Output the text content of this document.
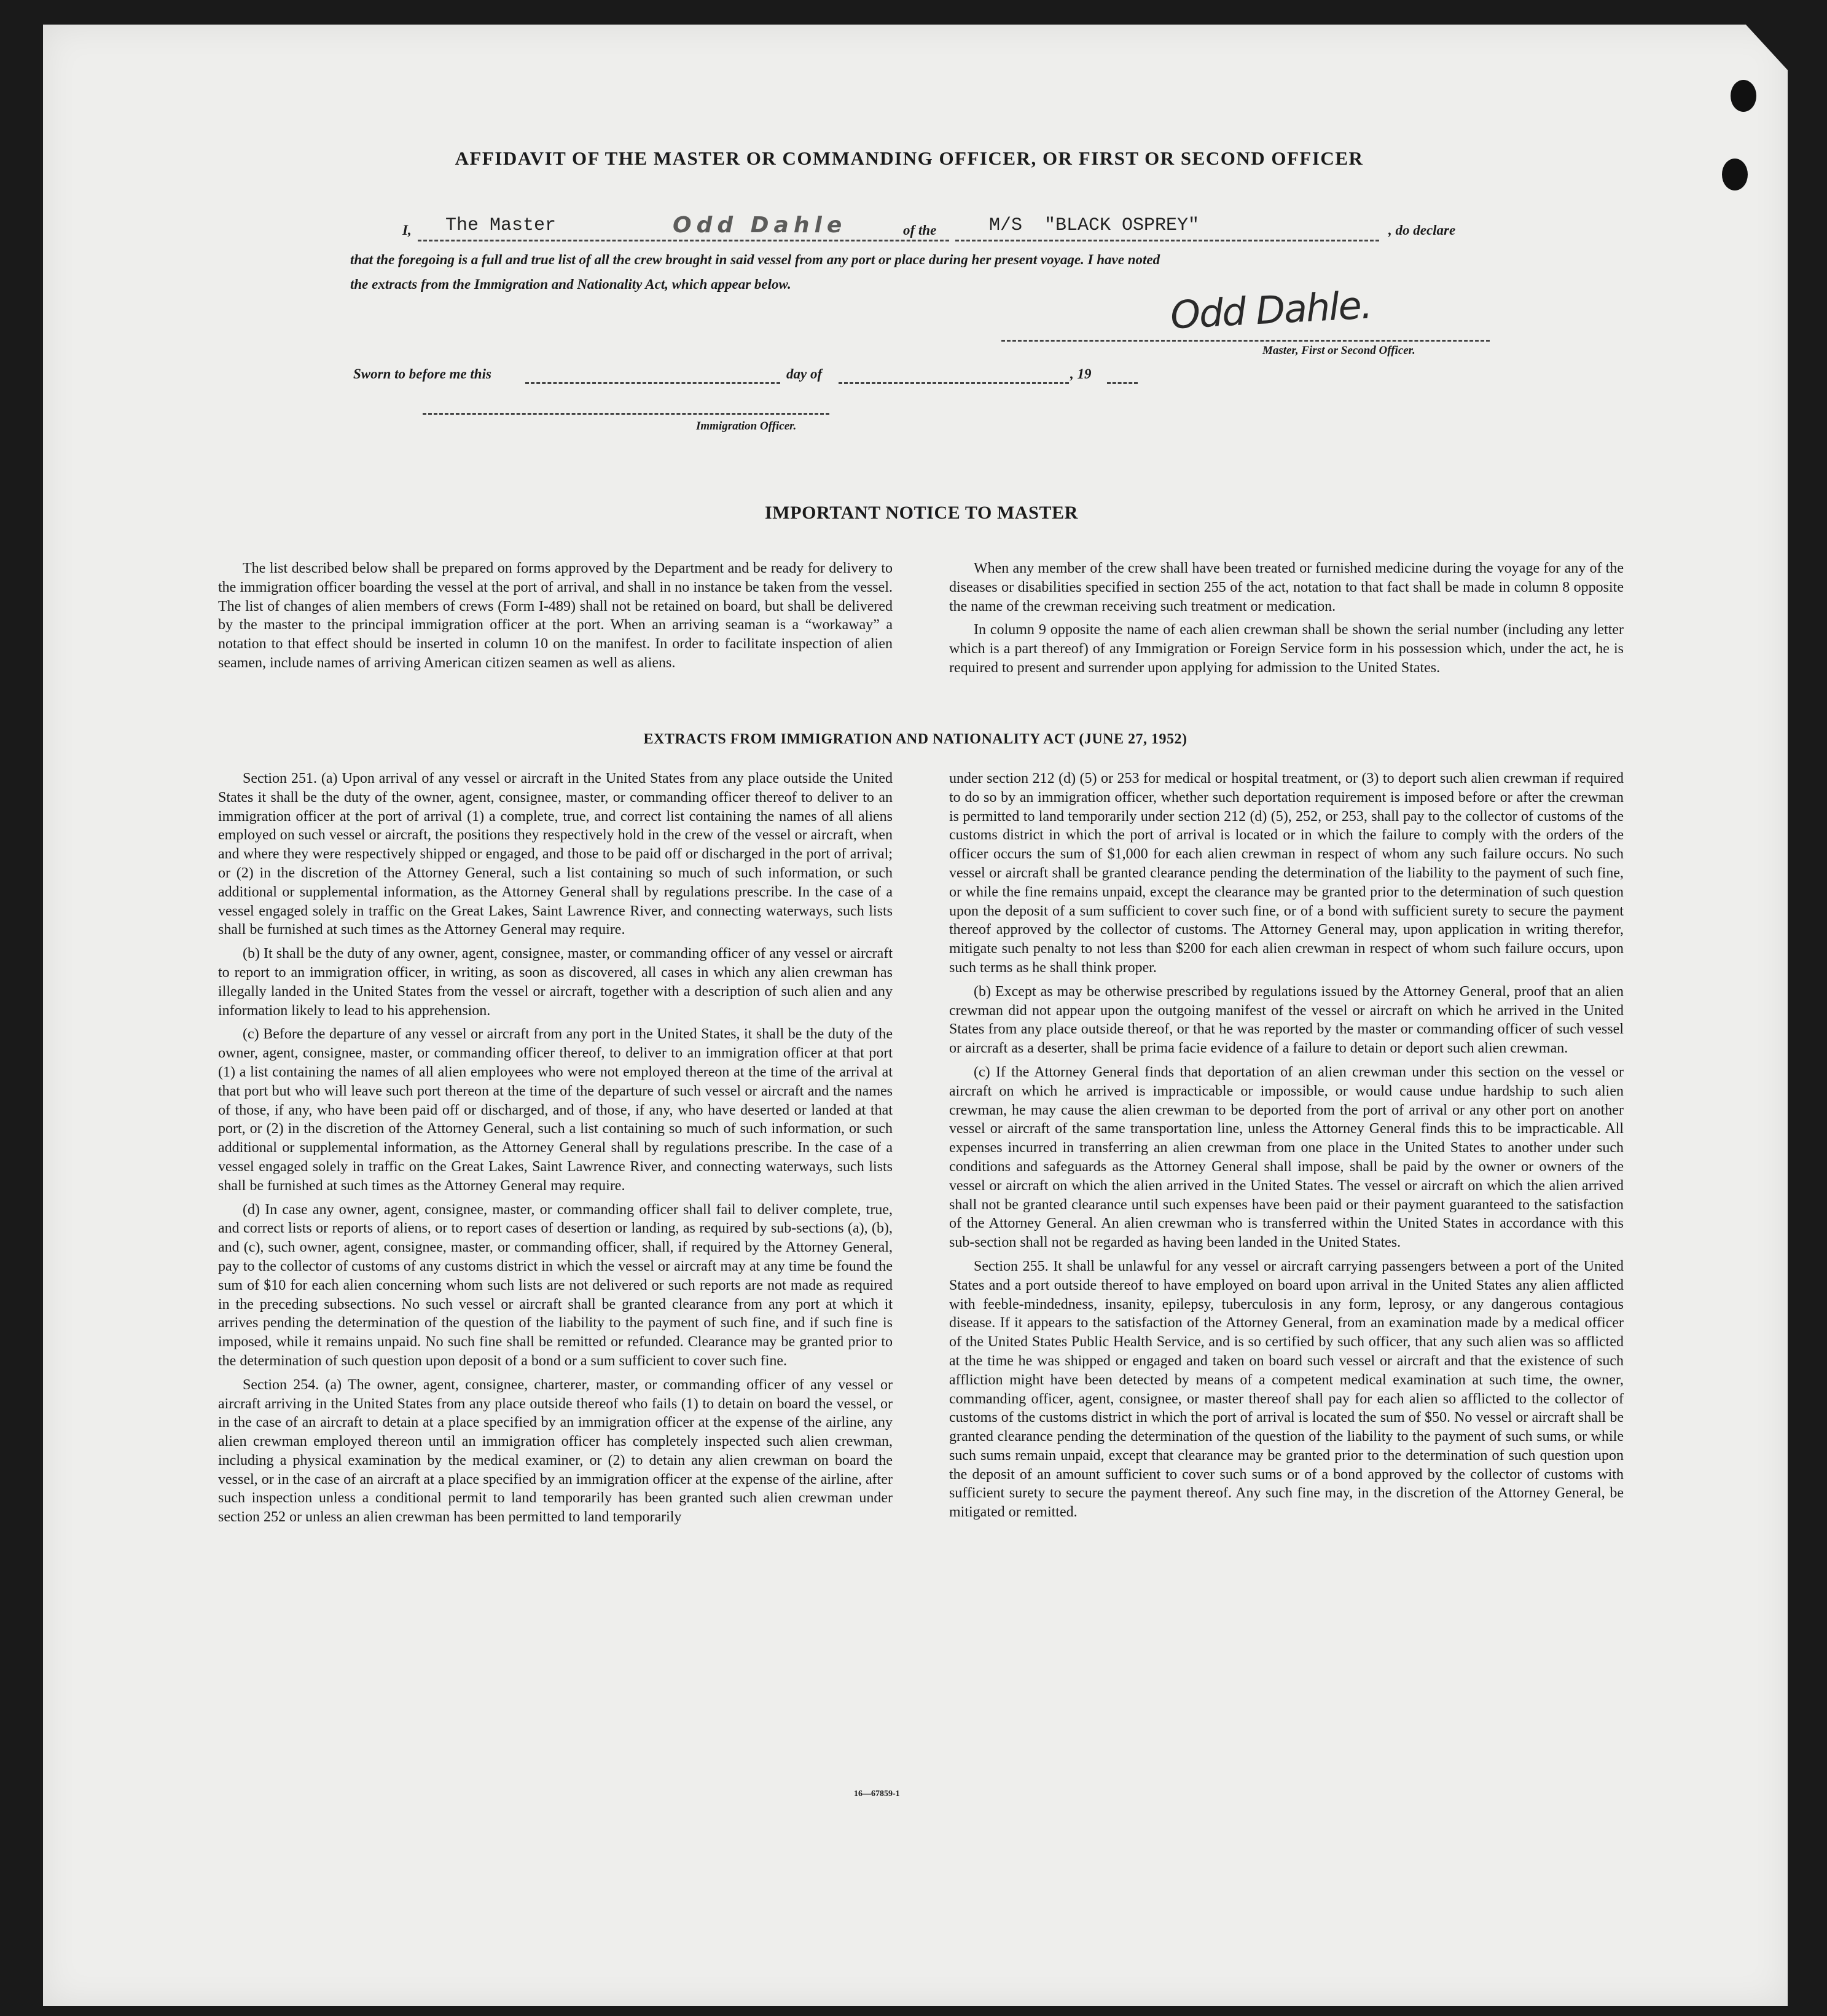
AFFIDAVIT OF THE MASTER OR COMMANDING OFFICER, OR FIRST OR SECOND OFFICER
I, The Master	Odd Dahle	of the	M/S  "BLACK OSPREY"	, do declare
that the foregoing is a full and true list of all the crew brought in said vessel from any port or place during her present voyage. I have noted
the extracts from the Immigration and Nationality Act, which appear below.	Odd Dahle.
Master, First or Second Officer.
Sworn to before me this	day of	, 19
Immigration Officer.
IMPORTANT NOTICE TO MASTER

The list described below shall be prepared on forms approved by the Department and be ready for delivery to the immigration officer boarding the vessel at the port of arrival, and shall in no instance be taken from the vessel. The list of changes of alien members of crews (Form I-489) shall not be retained on board, but shall be delivered by the master to the principal immigration officer at the port. When an arriving seaman is a “workaway” a notation to that effect should be inserted in column 10 on the manifest. In order to facilitate inspection of alien seamen, include names of arriving American citizen seamen as well as aliens.

When any member of the crew shall have been treated or furnished medicine during the voyage for any of the diseases or disabilities specified in section 255 of the act, notation to that fact shall be made in column 8 opposite the name of the crewman receiving such treatment or medication.

In column 9 opposite the name of each alien crewman shall be shown the serial number (including any letter which is a part thereof) of any Immigration or Foreign Service form in his possession which, under the act, he is required to present and surrender upon applying for admission to the United States.

EXTRACTS FROM IMMIGRATION AND NATIONALITY ACT (JUNE 27, 1952)

Section 251. (a) Upon arrival of any vessel or aircraft in the United States from any place outside the United States it shall be the duty of the owner, agent, consignee, master, or commanding officer thereof to deliver to an immigration officer at the port of arrival (1) a complete, true, and correct list containing the names of all aliens employed on such vessel or aircraft, the positions they respectively hold in the crew of the vessel or aircraft, when and where they were respectively shipped or engaged, and those to be paid off or discharged in the port of arrival; or (2) in the discretion of the Attorney General, such a list containing so much of such information, or such additional or supplemental information, as the Attorney General shall by regulations prescribe. In the case of a vessel engaged solely in traffic on the Great Lakes, Saint Lawrence River, and connecting waterways, such lists shall be furnished at such times as the Attorney General may require.

(b) It shall be the duty of any owner, agent, consignee, master, or commanding officer of any vessel or aircraft to report to an immigration officer, in writing, as soon as discovered, all cases in which any alien crewman has illegally landed in the United States from the vessel or aircraft, together with a description of such alien and any information likely to lead to his apprehension.

(c) Before the departure of any vessel or aircraft from any port in the United States, it shall be the duty of the owner, agent, consignee, master, or commanding officer thereof, to deliver to an immigration officer at that port (1) a list containing the names of all alien employees who were not employed thereon at the time of the arrival at that port but who will leave such port thereon at the time of the departure of such vessel or aircraft and the names of those, if any, who have been paid off or discharged, and of those, if any, who have deserted or landed at that port, or (2) in the discretion of the Attorney General, such a list containing so much of such information, or such additional or supplemental information, as the Attorney General shall by regulations prescribe. In the case of a vessel engaged solely in traffic on the Great Lakes, Saint Lawrence River, and connecting waterways, such lists shall be furnished at such times as the Attorney General may require.

(d) In case any owner, agent, consignee, master, or commanding officer shall fail to deliver complete, true, and correct lists or reports of aliens, or to report cases of desertion or landing, as required by sub-sections (a), (b), and (c), such owner, agent, consignee, master, or commanding officer, shall, if required by the Attorney General, pay to the collector of customs of any customs district in which the vessel or aircraft may at any time be found the sum of $10 for each alien concerning whom such lists are not delivered or such reports are not made as required in the preceding subsections. No such vessel or aircraft shall be granted clearance from any port at which it arrives pending the determination of the question of the liability to the payment of such fine, and if such fine is imposed, while it remains unpaid. No such fine shall be remitted or refunded. Clearance may be granted prior to the determination of such question upon deposit of a bond or a sum sufficient to cover such fine.

Section 254. (a) The owner, agent, consignee, charterer, master, or commanding officer of any vessel or aircraft arriving in the United States from any place outside thereof who fails (1) to detain on board the vessel, or in the case of an aircraft to detain at a place specified by an immigration officer at the expense of the airline, any alien crewman employed thereon until an immigration officer has completely inspected such alien crewman, including a physical examination by the medical examiner, or (2) to detain any alien crewman on board the vessel, or in the case of an aircraft at a place specified by an immigration officer at the expense of the airline, after such inspection unless a conditional permit to land temporarily has been granted such alien crewman under section 252 or unless an alien crewman has been permitted to land temporarily

under section 212 (d) (5) or 253 for medical or hospital treatment, or (3) to deport such alien crewman if required to do so by an immigration officer, whether such deportation requirement is imposed before or after the crewman is permitted to land temporarily under section 212 (d) (5), 252, or 253, shall pay to the collector of customs of the customs district in which the port of arrival is located or in which the failure to comply with the orders of the officer occurs the sum of $1,000 for each alien crewman in respect of whom any such failure occurs. No such vessel or aircraft shall be granted clearance pending the determination of the liability to the payment of such fine, or while the fine remains unpaid, except the clearance may be granted prior to the determination of such question upon the deposit of a sum sufficient to cover such fine, or of a bond with sufficient surety to secure the payment thereof approved by the collector of customs. The Attorney General may, upon application in writing therefor, mitigate such penalty to not less than $200 for each alien crewman in respect of whom such failure occurs, upon such terms as he shall think proper.

(b) Except as may be otherwise prescribed by regulations issued by the Attorney General, proof that an alien crewman did not appear upon the outgoing manifest of the vessel or aircraft on which he arrived in the United States from any place outside thereof, or that he was reported by the master or commanding officer of such vessel or aircraft as a deserter, shall be prima facie evidence of a failure to detain or deport such alien crewman.

(c) If the Attorney General finds that deportation of an alien crewman under this section on the vessel or aircraft on which he arrived is impracticable or impossible, or would cause undue hardship to such alien crewman, he may cause the alien crewman to be deported from the port of arrival or any other port on another vessel or aircraft of the same transportation line, unless the Attorney General finds this to be impracticable. All expenses incurred in transferring an alien crewman from one place in the United States to another under such conditions and safeguards as the Attorney General shall impose, shall be paid by the owner or owners of the vessel or aircraft on which the alien arrived in the United States. The vessel or aircraft on which the alien arrived shall not be granted clearance until such expenses have been paid or their payment guaranteed to the satisfaction of the Attorney General. An alien crewman who is transferred within the United States in accordance with this sub-section shall not be regarded as having been landed in the United States.

Section 255. It shall be unlawful for any vessel or aircraft carrying passengers between a port of the United States and a port outside thereof to have employed on board upon arrival in the United States any alien afflicted with feeble-mindedness, insanity, epilepsy, tuberculosis in any form, leprosy, or any dangerous contagious disease. If it appears to the satisfaction of the Attorney General, from an examination made by a medical officer of the United States Public Health Service, and is so certified by such officer, that any such alien was so afflicted at the time he was shipped or engaged and taken on board such vessel or aircraft and that the existence of such affliction might have been detected by means of a competent medical examination at such time, the owner, commanding officer, agent, consignee, or master thereof shall pay for each alien so afflicted to the collector of customs of the customs district in which the port of arrival is located the sum of $50. No vessel or aircraft shall be granted clearance pending the determination of the question of the liability to the payment of such sums, or while such sums remain unpaid, except that clearance may be granted prior to the determination of such question upon the deposit of an amount sufficient to cover such sums or of a bond approved by the collector of customs with sufficient surety to secure the payment thereof. Any such fine may, in the discretion of the Attorney General, be mitigated or remitted.

16—67859-1
